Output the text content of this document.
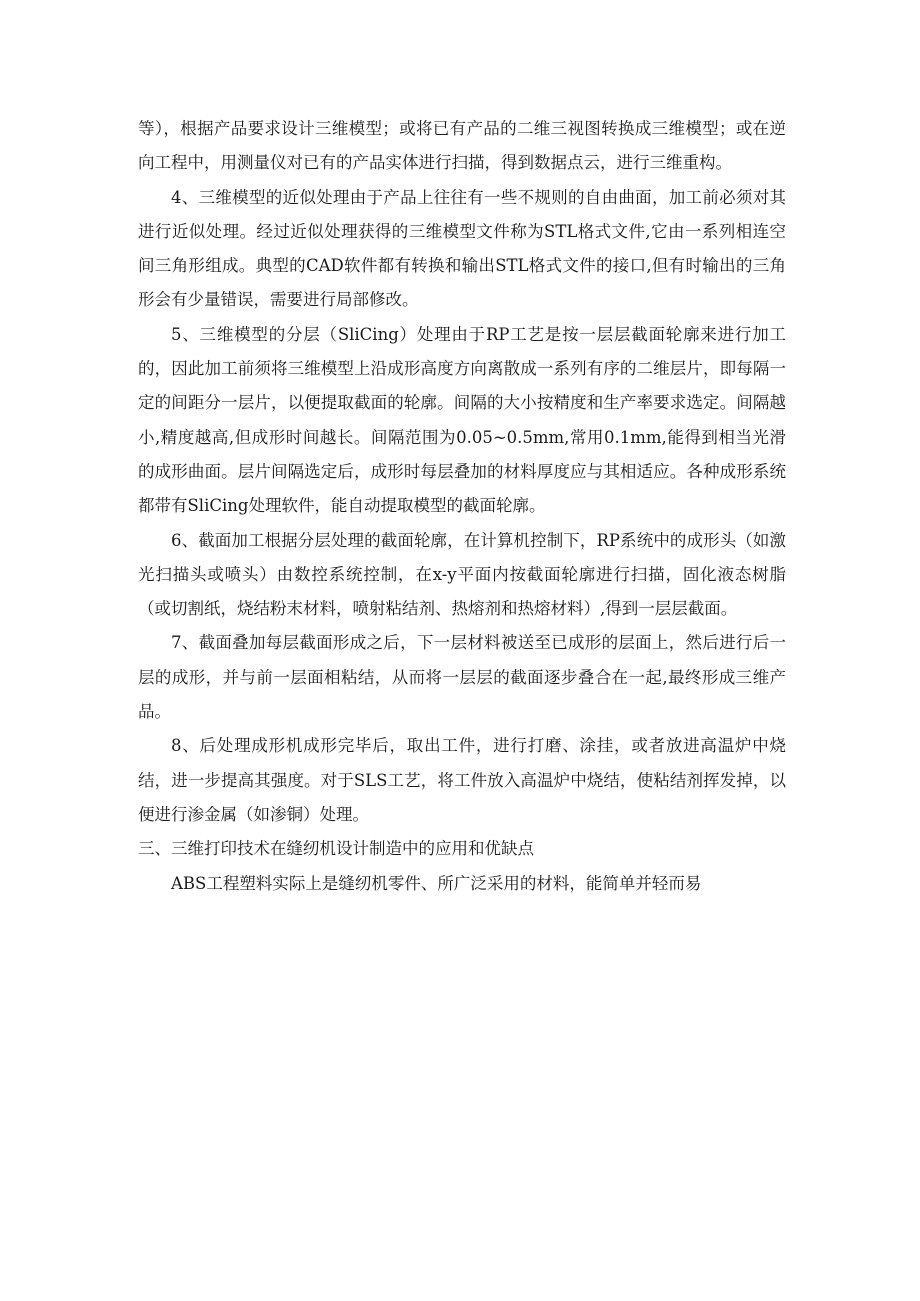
等），根据产品要求设计三维模型；或将已有产品的二维三视图转换成三维模型；或在逆向工程中，用测量仪对已有的产品实体进行扫描，得到数据点云，进行三维重构。

4、三维模型的近似处理由于产品上往往有一些不规则的自由曲面，加工前必须对其进行近似处理。经过近似处理获得的三维模型文件称为STL格式文件,它由一系列相连空间三角形组成。典型的CAD软件都有转换和输出STL格式文件的接口,但有时输出的三角形会有少量错误，需要进行局部修改。

5、三维模型的分层（SliCing）处理由于RP工艺是按一层层截面轮廓来进行加工的，因此加工前须将三维模型上沿成形高度方向离散成一系列有序的二维层片，即每隔一定的间距分一层片，以便提取截面的轮廓。间隔的大小按精度和生产率要求选定。间隔越小,精度越高,但成形时间越长。间隔范围为0.05~0.5mm,常用0.1mm,能得到相当光滑的成形曲面。层片间隔选定后，成形时每层叠加的材料厚度应与其相适应。各种成形系统都带有SliCing处理软件，能自动提取模型的截面轮廓。

6、截面加工根据分层处理的截面轮廓，在计算机控制下，RP系统中的成形头（如激光扫描头或喷头）由数控系统控制，在x-y平面内按截面轮廓进行扫描，固化液态树脂（或切割纸，烧结粉末材料，喷射粘结剂、热熔剂和热熔材料）,得到一层层截面。

7、截面叠加每层截面形成之后，下一层材料被送至已成形的层面上，然后进行后一层的成形，并与前一层面相粘结，从而将一层层的截面逐步叠合在一起,最终形成三维产品。

8、后处理成形机成形完毕后，取出工件，进行打磨、涂挂，或者放进高温炉中烧结，进一步提高其强度。对于SLS工艺，将工件放入高温炉中烧结，使粘结剂挥发掉，以便进行渗金属（如渗铜）处理。

三、三维打印技术在缝纫机设计制造中的应用和优缺点

ABS工程塑料实际上是缝纫机零件、所广泛采用的材料，能简单并轻而易
